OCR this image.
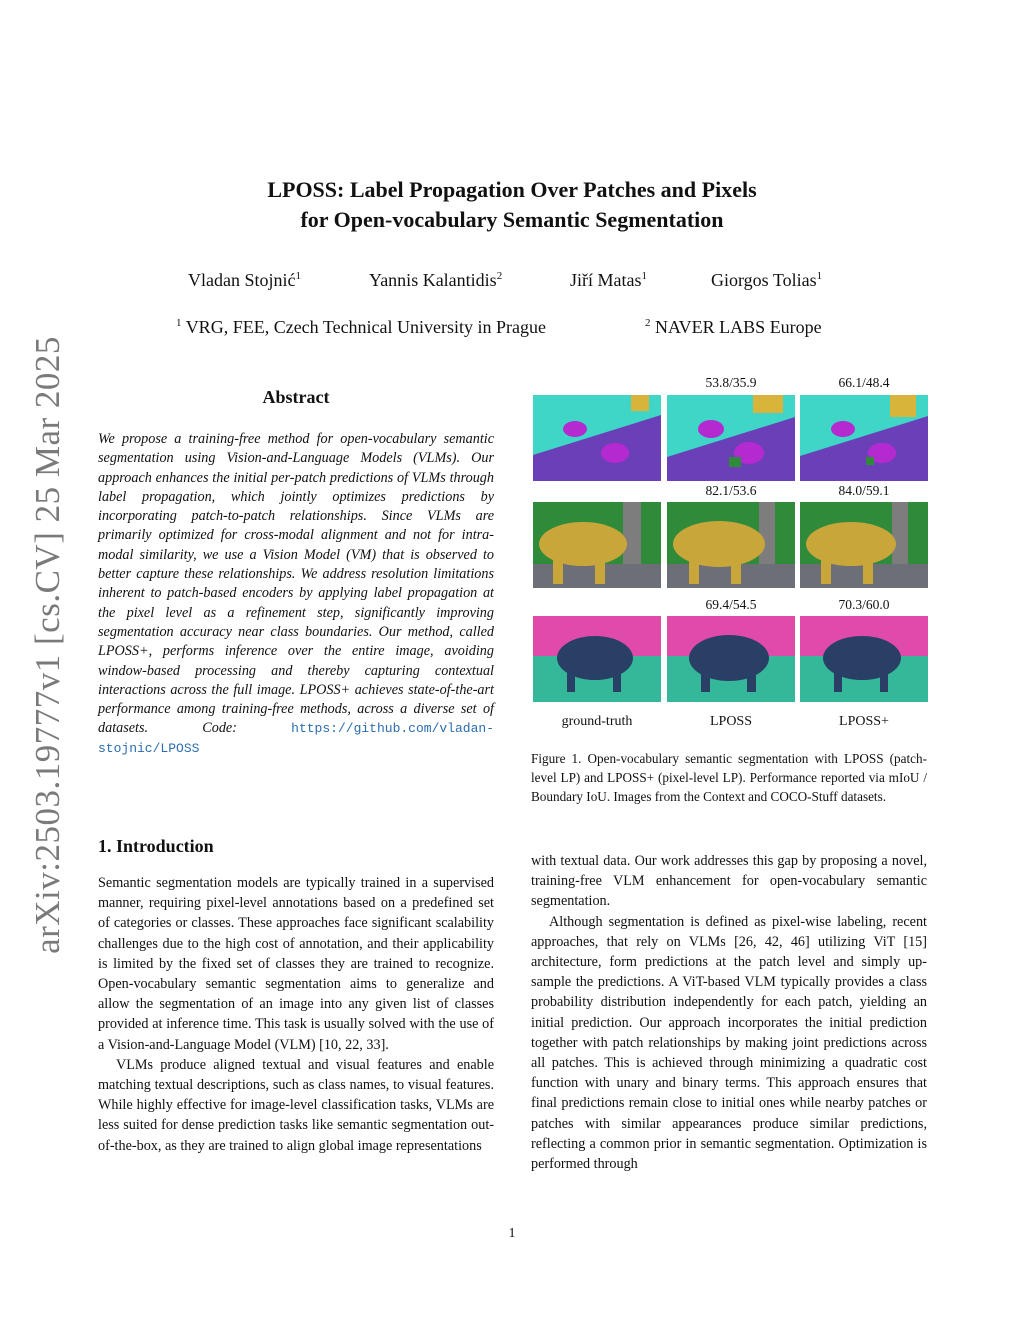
arXiv:2503.19777v1 [cs.CV] 25 Mar 2025
LPOSS: Label Propagation Over Patches and Pixels
for Open-vocabulary Semantic Segmentation
Vladan Stojnić$^1$	Yannis Kalantidis$^2$	Jiří Matas$^1$	Giorgos Tolias$^1$
$^1$ VRG, FEE, Czech Technical University in Prague	$^2$ NAVER LABS Europe
Abstract
We propose a training-free method for open-vocabulary semantic segmentation using Vision-and-Language Models (VLMs). Our approach enhances the initial per-patch predictions of VLMs through label propagation, which jointly optimizes predictions by incorporating patch-to-patch relationships. Since VLMs are primarily optimized for cross-modal alignment and not for intra-modal similarity, we use a Vision Model (VM) that is observed to better capture these relationships. We address resolution limitations inherent to patch-based encoders by applying label propagation at the pixel level as a refinement step, significantly improving segmentation accuracy near class boundaries. Our method, called LPOSS+, performs inference over the entire image, avoiding window-based processing and thereby capturing contextual interactions across the full image. LPOSS+ achieves state-of-the-art performance among training-free methods, across a diverse set of datasets. Code:	https://github.com/vladan-stojnic/LPOSS
53.8/35.9	66.1/48.4
82.1/53.6	84.0/59.1
69.4/54.5	70.3/60.0
ground-truth	LPOSS	LPOSS+
Figure 1. Open-vocabulary semantic segmentation with LPOSS (patch-level LP) and LPOSS+ (pixel-level LP). Performance reported via mIoU / Boundary IoU. Images from the Context and COCO-Stuff datasets.
1. Introduction

Semantic segmentation models are typically trained in a supervised manner, requiring pixel-level annotations based on a predefined set of categories or classes. These approaches face significant scalability challenges due to the high cost of annotation, and their applicability is limited by the fixed set of classes they are trained to recognize. Open-vocabulary semantic segmentation aims to generalize and allow the segmentation of an image into any given list of classes provided at inference time. This task is usually solved with the use of a Vision-and-Language Model (VLM) [10, 22, 33].

VLMs produce aligned textual and visual features and enable matching textual descriptions, such as class names, to visual features. While highly effective for image-level classification tasks, VLMs are less suited for dense prediction tasks like semantic segmentation out-of-the-box, as they are trained to align global image representations

with textual data. Our work addresses this gap by proposing a novel, training-free VLM enhancement for open-vocabulary semantic segmentation.

Although segmentation is defined as pixel-wise labeling, recent approaches, that rely on VLMs [26, 42, 46] utilizing ViT [15] architecture, form predictions at the patch level and simply up-sample the predictions. A ViT-based VLM typically provides a class probability distribution independently for each patch, yielding an initial prediction. Our approach incorporates the initial prediction together with patch relationships by making joint predictions across all patches. This is achieved through minimizing a quadratic cost function with unary and binary terms. This approach ensures that final predictions remain close to initial ones while nearby patches or patches with similar appearances produce similar predictions, reflecting a common prior in semantic segmentation. Optimization is performed through

1
